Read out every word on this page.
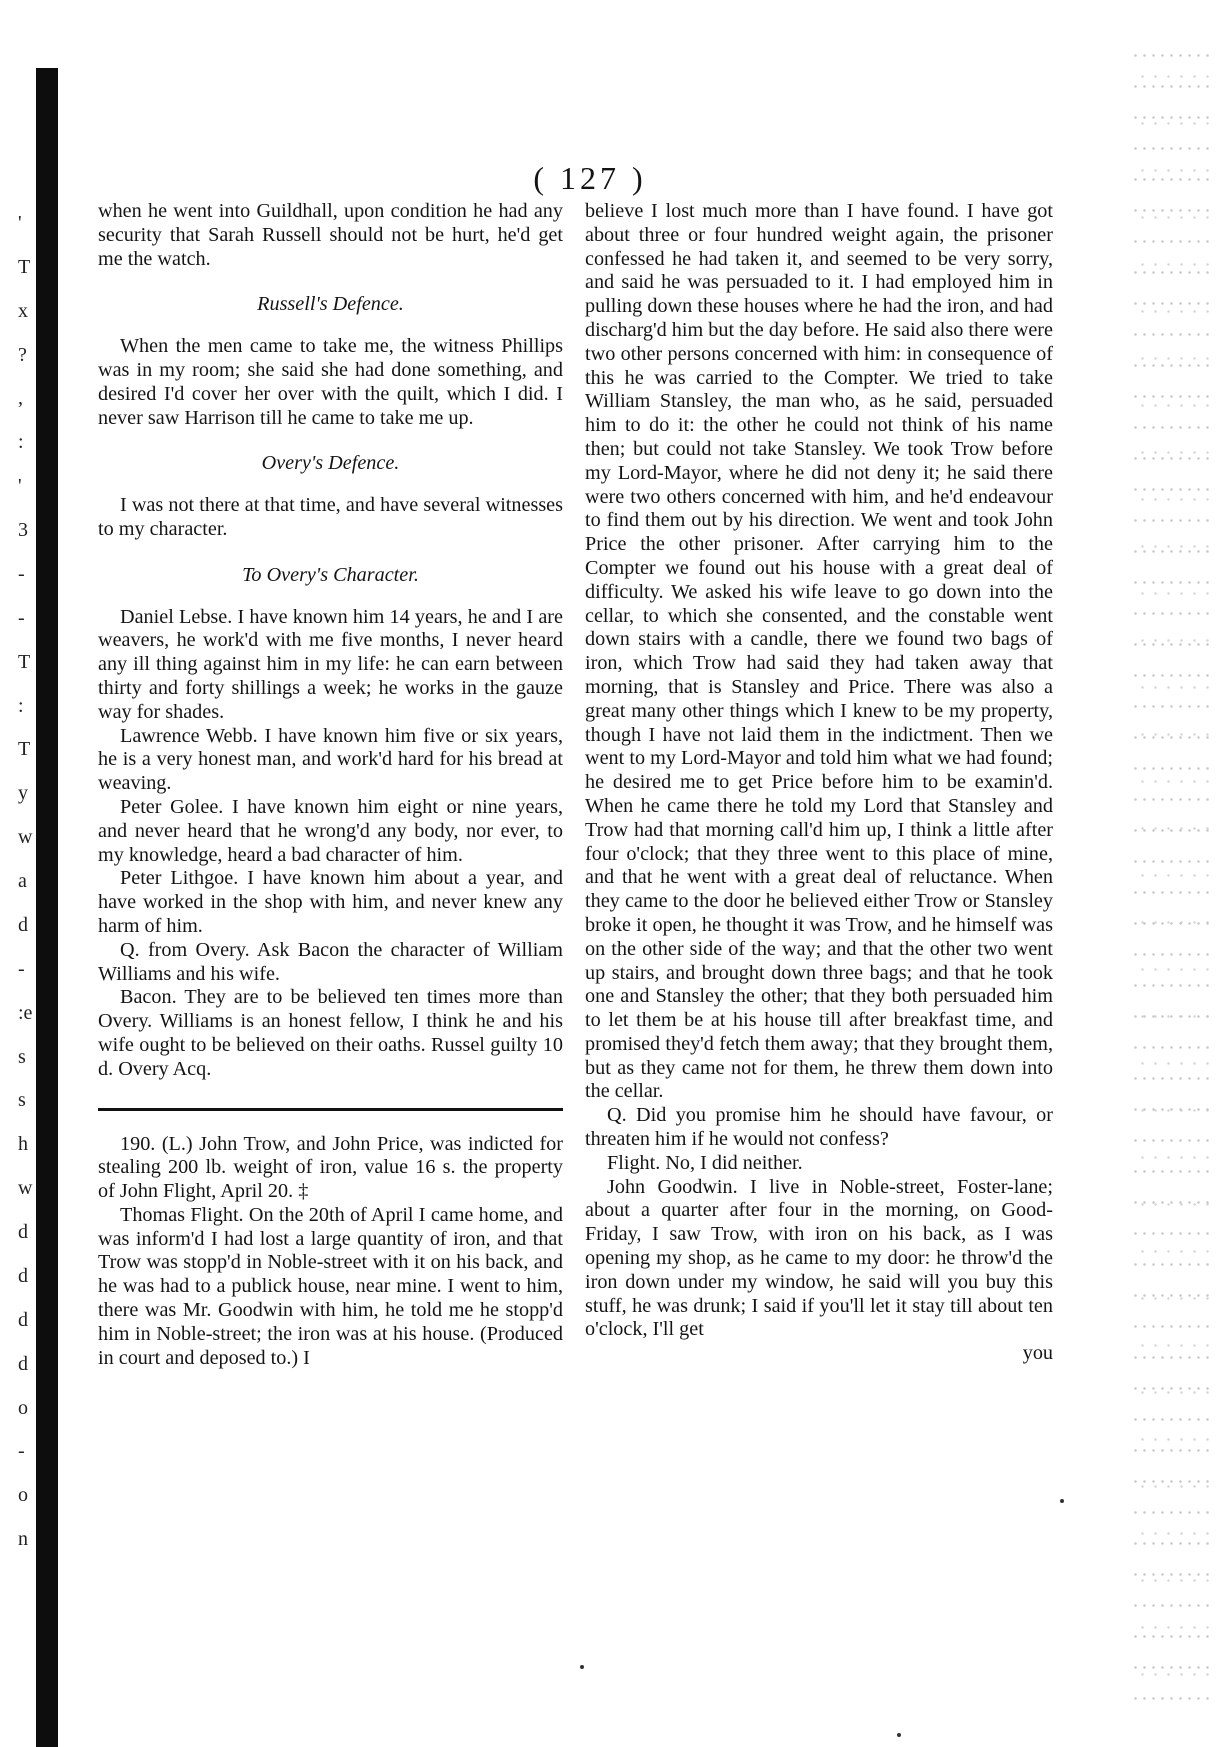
( 127 )
'
T
x
?
,
:
'
3
-
-
T
:
T
y
w
a
d
-
:e
s
s
h
w
d
d
d
d
o
-
o
n

when he went into Guildhall, upon condition he had any security that Sarah Russell should not be hurt, he'd get me the watch.

Russell's Defence.

When the men came to take me, the witness Phillips was in my room; she said she had done something, and desired I'd cover her over with the quilt, which I did. I never saw Harrison till he came to take me up.

Overy's Defence.

I was not there at that time, and have several witnesses to my character.

To Overy's Character.

Daniel Lebse. I have known him 14 years, he and I are weavers, he work'd with me five months, I never heard any ill thing against him in my life: he can earn between thirty and forty shillings a week; he works in the gauze way for shades.

Lawrence Webb. I have known him five or six years, he is a very honest man, and work'd hard for his bread at weaving.

Peter Golee. I have known him eight or nine years, and never heard that he wrong'd any body, nor ever, to my knowledge, heard a bad character of him.

Peter Lithgoe. I have known him about a year, and have worked in the shop with him, and never knew any harm of him.

Q. from Overy. Ask Bacon the character of William Williams and his wife.

Bacon. They are to be believed ten times more than Overy. Williams is an honest fellow, I think he and his wife ought to be believed on their oaths. Russel guilty 10 d. Overy Acq.

190. (L.) John Trow, and John Price, was indicted for stealing 200 lb. weight of iron, value 16 s. the property of John Flight, April 20. ‡

Thomas Flight. On the 20th of April I came home, and was inform'd I had lost a large quantity of iron, and that Trow was stopp'd in Noble-street with it on his back, and he was had to a publick house, near mine. I went to him, there was Mr. Goodwin with him, he told me he stopp'd him in Noble-street; the iron was at his house. (Produced in court and deposed to.) I

believe I lost much more than I have found. I have got about three or four hundred weight again, the prisoner confessed he had taken it, and seemed to be very sorry, and said he was persuaded to it. I had employed him in pulling down these houses where he had the iron, and had discharg'd him but the day before. He said also there were two other persons concerned with him: in consequence of this he was carried to the Compter. We tried to take William Stansley, the man who, as he said, persuaded him to do it: the other he could not think of his name then; but could not take Stansley. We took Trow before my Lord-Mayor, where he did not deny it; he said there were two others concerned with him, and he'd endeavour to find them out by his direction. We went and took John Price the other prisoner. After carrying him to the Compter we found out his house with a great deal of difficulty. We asked his wife leave to go down into the cellar, to which she consented, and the constable went down stairs with a candle, there we found two bags of iron, which Trow had said they had taken away that morning, that is Stansley and Price. There was also a great many other things which I knew to be my property, though I have not laid them in the indictment. Then we went to my Lord-Mayor and told him what we had found; he desired me to get Price before him to be examin'd. When he came there he told my Lord that Stansley and Trow had that morning call'd him up, I think a little after four o'clock; that they three went to this place of mine, and that he went with a great deal of reluctance. When they came to the door he believed either Trow or Stansley broke it open, he thought it was Trow, and he himself was on the other side of the way; and that the other two went up stairs, and brought down three bags; and that he took one and Stansley the other; that they both persuaded him to let them be at his house till after breakfast time, and promised they'd fetch them away; that they brought them, but as they came not for them, he threw them down into the cellar.

Q. Did you promise him he should have favour, or threaten him if he would not confess?

Flight. No, I did neither.

John Goodwin. I live in Noble-street, Foster-lane; about a quarter after four in the morning, on Good-Friday, I saw Trow, with iron on his back, as I was opening my shop, as he came to my door: he throw'd the iron down under my window, he said will you buy this stuff, he was drunk; I said if you'll let it stay till about ten o'clock, I'll get

you
